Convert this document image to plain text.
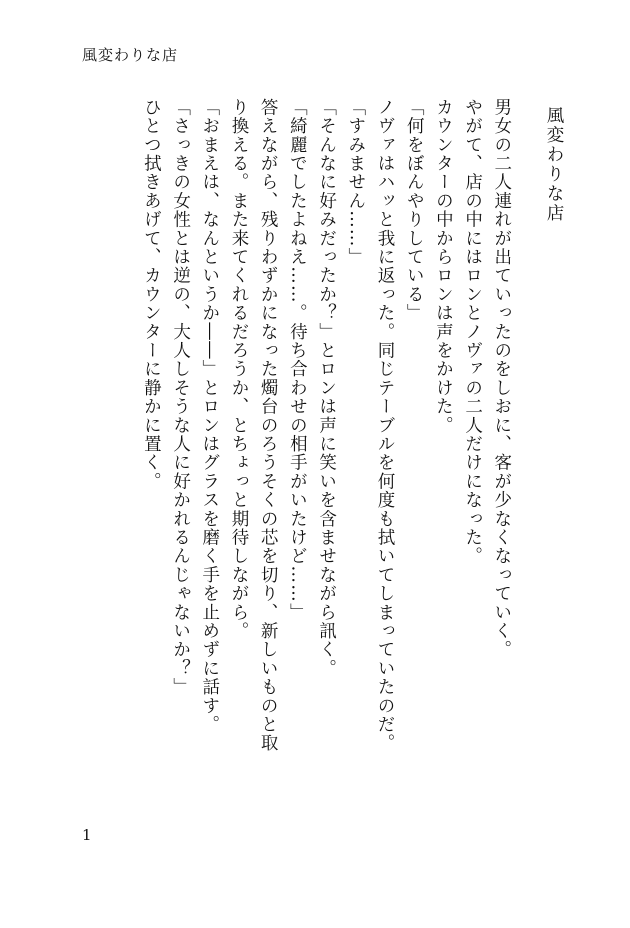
風変わりな店
風変わりな店
男女の二人連れが出ていったのをしおに、客が少なくなっていく。
やがて、店の中にはロンとノヴァの二人だけになった。
カウンターの中からロンは声をかけた。
「何をぼんやりしている」
ノヴァはハッと我に返った。同じテーブルを何度も拭いてしまっていたのだ。
「すみません……」
「そんなに好みだったか？」とロンは声に笑いを含ませながら訊く。
「綺麗でしたよねえ……。待ち合わせの相手がいたけど……」
答えながら、残りわずかになった燭台のろうそくの芯を切り、新しいものと取
り換える。また来てくれるだろうか、とちょっと期待しながら。
「おまえは、なんというか――」とロンはグラスを磨く手を止めずに話す。
「さっきの女性とは逆の、大人しそうな人に好かれるんじゃないか？」
ひとつ拭きあげて、カウンターに静かに置く。
1
